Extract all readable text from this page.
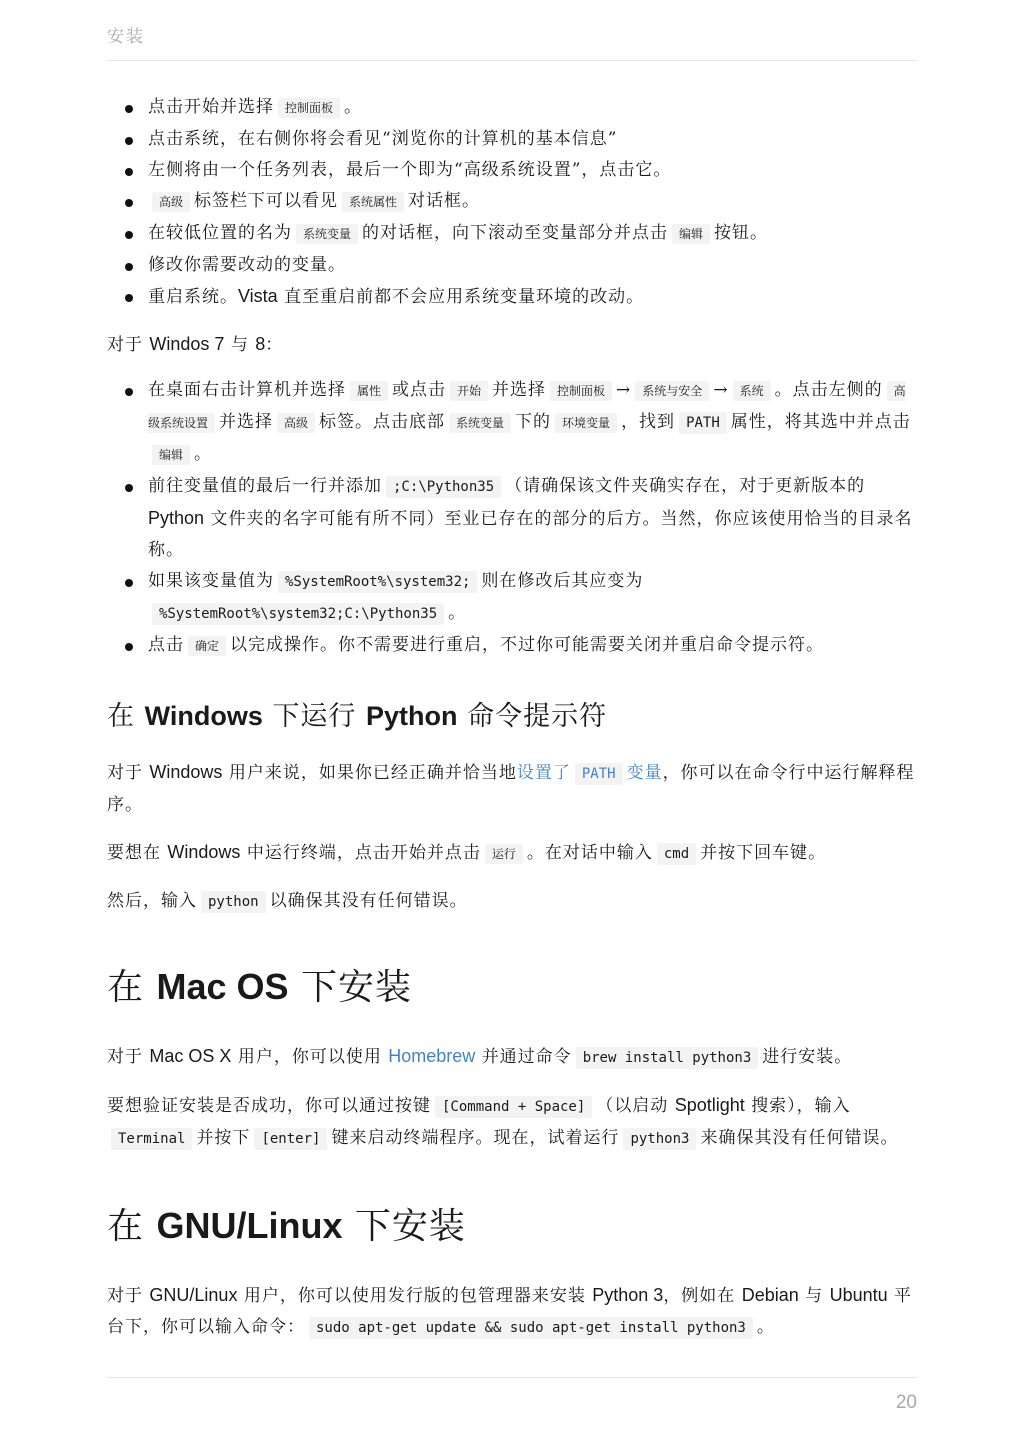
安装
点击开始并选择 控制面板 。
点击系统，在右侧你将会看见“浏览你的计算机的基本信息”
左侧将由一个任务列表，最后一个即为“高级系统设置”，点击它。
高级 标签栏下可以看见 系统属性 对话框。
在较低位置的名为 系统变量 的对话框，向下滚动至变量部分并点击 编辑 按钮。
修改你需要改动的变量。
重启系统。Vista 直至重启前都不会应用系统变量环境的改动。

对于 Windos 7 与 8：

在桌面右击计算机并选择 属性 或点击 开始 并选择 控制面板 → 系统与安全 → 系统 。点击左侧的 高级系统设置 并选择 高级 标签。点击底部 系统变量 下的 环境变量 ，找到 PATH 属性，将其选中并点击编辑 。
前往变量值的最后一行并添加 ;C:\Python35 （请确保该文件夹确实存在，对于更新版本的 Python 文件夹的名字可能有所不同）至业已存在的部分的后方。当然，你应该使用恰当的目录名称。
如果该变量值为 %SystemRoot%\system32; 则在修改后其应变为
%SystemRoot%\system32;C:\Python35 。
点击 确定 以完成操作。你不需要进行重启，不过你可能需要关闭并重启命令提示符。
在 Windows 下运行 Python 命令提示符

对于 Windows 用户来说，如果你已经正确并恰当地设置了 PATH 变量，你可以在命令行中运行解释程序。

要想在 Windows 中运行终端，点击开始并点击 运行 。在对话中输入 cmd 并按下回车键。

然后，输入 python 以确保其没有任何错误。

在 Mac OS 下安装

对于 Mac OS X 用户，你可以使用 Homebrew 并通过命令 brew install python3 进行安装。

要想验证安装是否成功，你可以通过按键 [Command + Space] （以启动 Spotlight 搜索），输入Terminal 并按下 [enter] 键来启动终端程序。现在，试着运行 python3 来确保其没有任何错误。

在 GNU/Linux 下安装

对于 GNU/Linux 用户，你可以使用发行版的包管理器来安装 Python 3，例如在 Debian 与 Ubuntu 平台下，你可以输入命令： sudo apt-get update && sudo apt-get install python3 。

20
